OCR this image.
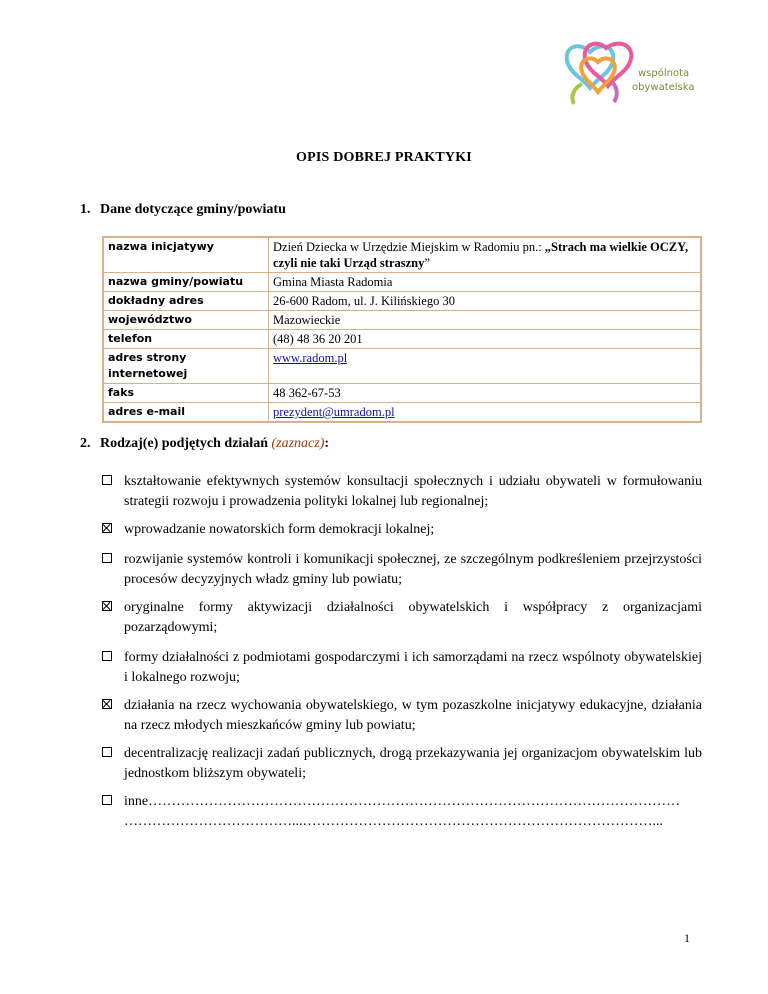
wspólnota
obywatelska
OPIS DOBREJ PRAKTYKI
1. Dane dotyczące gminy/powiatu
nazwa inicjatywy	Dzień Dziecka w Urzędzie Miejskim w Radomiu pn.: „Strach ma wielkie OCZY, czyli nie taki Urząd straszny”
nazwa gminy/powiatu	Gmina Miasta Radomia
dokładny adres	26-600 Radom, ul. J. Kilińskiego 30
województwo	Mazowieckie
telefon	(48) 48 36 20 201
adres strony internetowej	www.radom.pl
faks	48 362-67-53
adres e-mail	prezydent@umradom.pl
2. Rodzaj(e) podjętych działań (zaznacz):
kształtowanie efektywnych systemów konsultacji społecznych i udziału obywateli w formułowaniu strategii rozwoju i prowadzenia polityki lokalnej lub regionalnej;
wprowadzanie nowatorskich form demokracji lokalnej;
rozwijanie systemów kontroli i komunikacji społecznej, ze szczególnym podkreśleniem przejrzystości procesów decyzyjnych władz gminy lub powiatu;
oryginalne formy aktywizacji działalności obywatelskich i współpracy z organizacjami pozarządowymi;
formy działalności z podmiotami gospodarczymi i ich samorządami na rzecz wspólnoty obywatelskiej i lokalnego rozwoju;
działania na rzecz wychowania obywatelskiego, w tym pozaszkolne inicjatywy edukacyjne, działania na rzecz młodych mieszkańców gminy lub powiatu;
decentralizację realizacji zadań publicznych, drogą przekazywania jej organizacjom obywatelskim lub jednostkom bliższym obywateli;
inne……………………………………………………………………………………………………
………………………………...…………………………………………………………………...
1
